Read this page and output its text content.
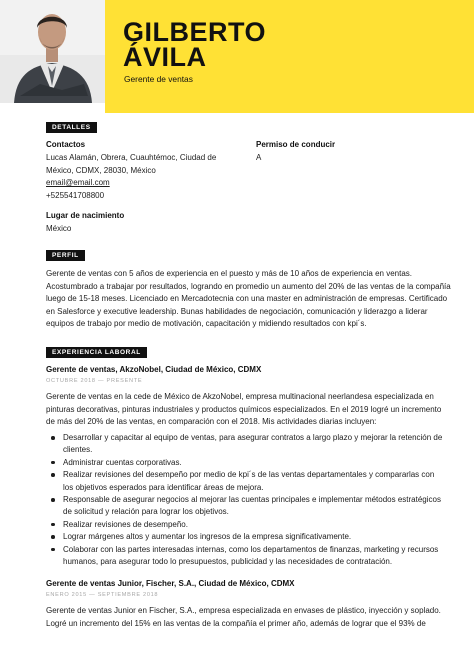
GILBERTO
ÁVILA
Gerente de ventas
DETALLES
Contactos
Lucas Alamán, Obrera, Cuauhtémoc, Ciudad de
México, CDMX, 28030, México
email@email.com
+525541708800
Lugar de nacimiento
México
Permiso de conducir
A
PERFIL
Gerente de ventas con 5 años de experiencia en el puesto y más de 10 años de experiencia en ventas.
Acostumbrado a trabajar por resultados, logrando en promedio un aumento del 20% de las ventas de la compañía
luego de 15-18 meses. Licenciado en Mercadotecnia con una master en administración de empresas. Certificado
en Salesforce y executive leadership. Bunas habilidades de negociación, comunicación y liderazgo a liderar
equipos de trabajo por medio de motivación, capacitación y midiendo resultados con kpi´s.
EXPERIENCIA LABORAL
Gerente de ventas, AkzoNobel, Ciudad de México, CDMX
OCTUBRE 2018 — PRESENTE
Gerente de ventas en la cede de México de AkzoNobel, empresa multinacional neerlandesa especializada en
pinturas decorativas, pinturas industriales y productos químicos especializados. En el 2019 logré un incremento
de más del 20% de las ventas, en comparación con el 2018. Mis actividades diarias incluyen:
Desarrollar y capacitar al equipo de ventas, para asegurar contratos a largo plazo y mejorar la retención de
clientes.
Administrar cuentas corporativas.
Realizar revisiones del desempeño por medio de kpi´s de las ventas departamentales y compararlas con
los objetivos esperados para identificar áreas de mejora.
Responsable de asegurar negocios al mejorar las cuentas principales e implementar métodos estratégicos
de solicitud y relación para lograr los objetivos.
Realizar revisiones de desempeño.
Lograr márgenes altos y aumentar los ingresos de la empresa significativamente.
Colaborar con las partes interesadas internas, como los departamentos de finanzas, marketing y recursos
humanos, para asegurar todo lo presupuestos, publicidad y las necesidades de contratación.
Gerente de ventas Junior, Fischer, S.A., Ciudad de México, CDMX
ENERO 2015 — SEPTIEMBRE 2018
Gerente de ventas Junior en Fischer, S.A., empresa especializada en envases de plástico, inyección y soplado.
Logré un incremento del 15% en las ventas de la compañía el primer año, además de lograr que el 93% de
